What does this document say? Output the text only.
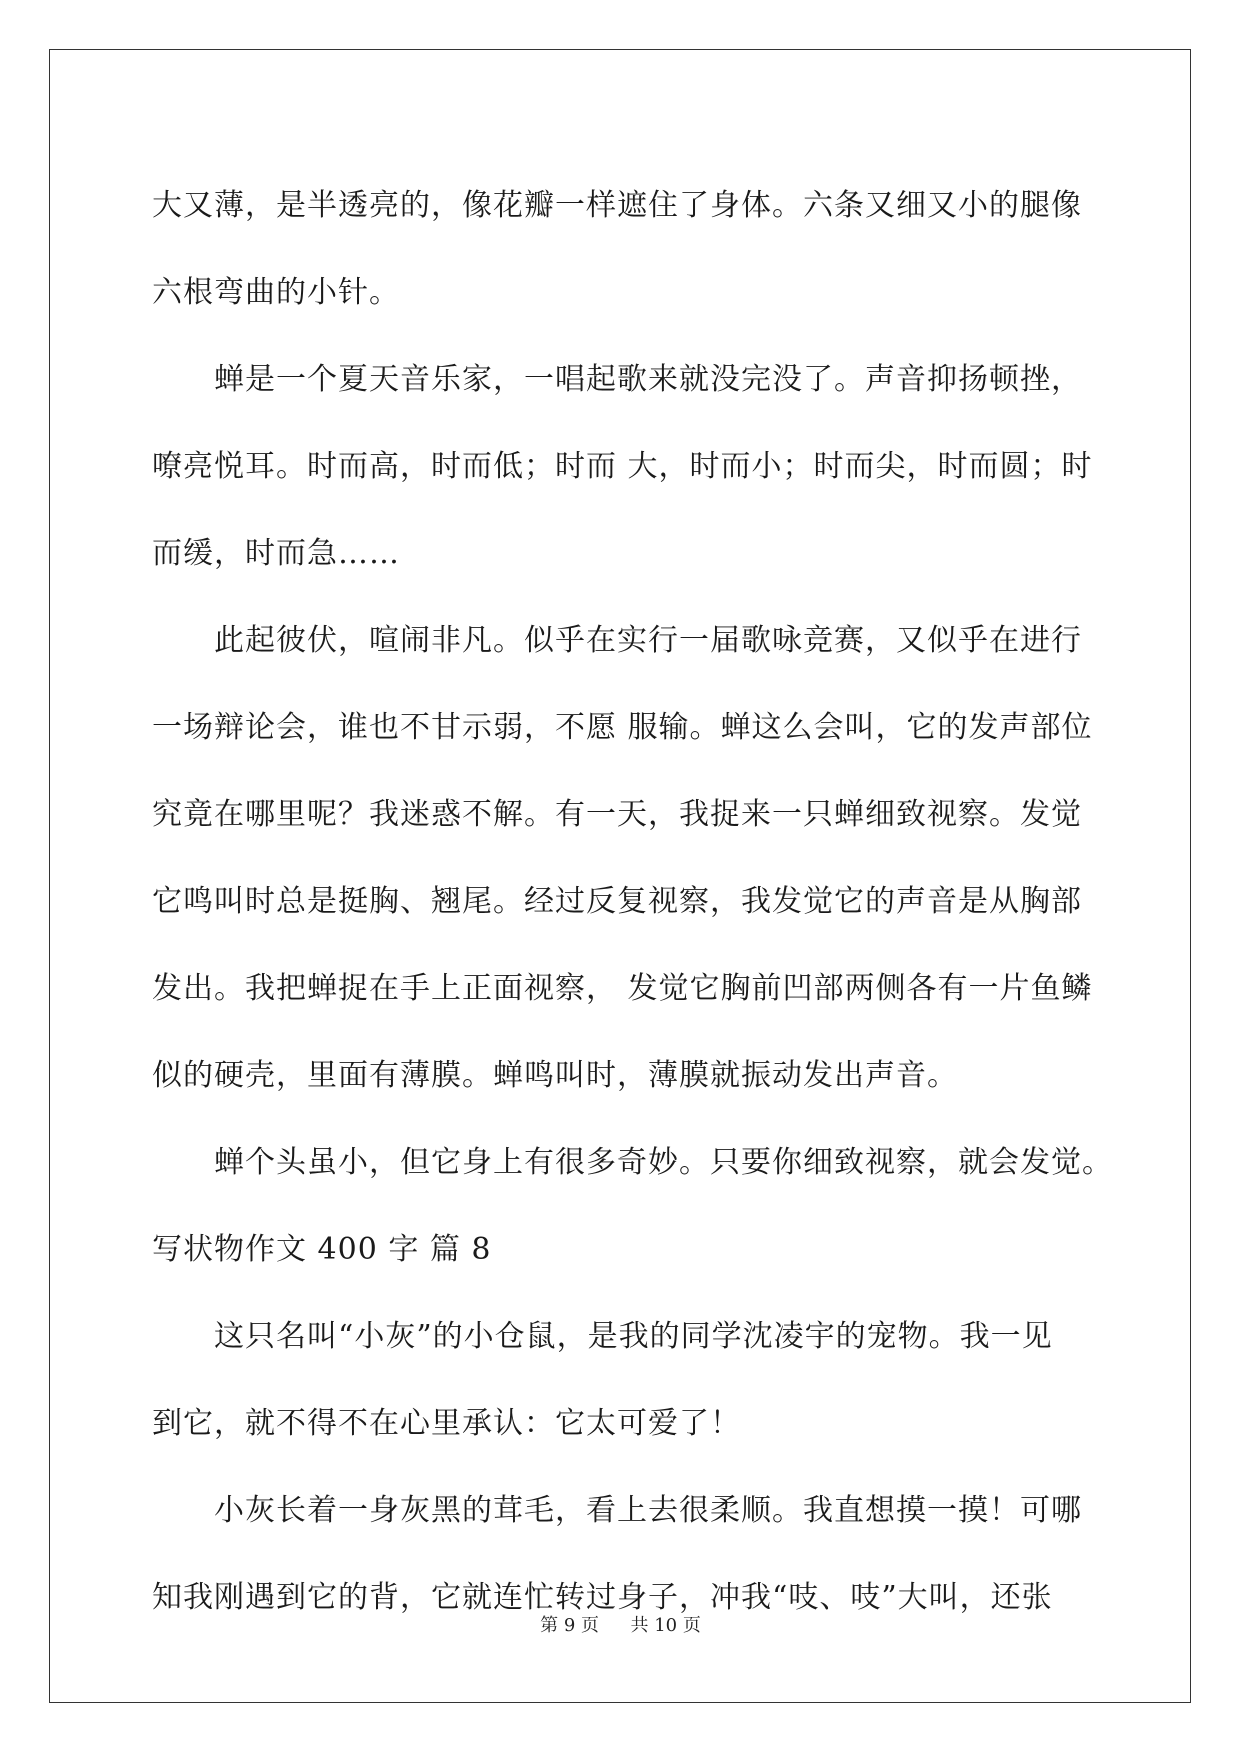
大又薄，是半透亮的，像花瓣一样遮住了身体。六条又细又小的腿像
六根弯曲的小针。
蝉是一个夏天音乐家，一唱起歌来就没完没了。声音抑扬顿挫，
嘹亮悦耳。时而高，时而低；时而 大，时而小；时而尖，时而圆；时
而缓，时而急……
此起彼伏，喧闹非凡。似乎在实行一届歌咏竞赛，又似乎在进行
一场辩论会，谁也不甘示弱，不愿 服输。蝉这么会叫，它的发声部位
究竟在哪里呢？我迷惑不解。有一天，我捉来一只蝉细致视察。发觉
它鸣叫时总是挺胸、翘尾。经过反复视察，我发觉它的声音是从胸部
发出。我把蝉捉在手上正面视察， 发觉它胸前凹部两侧各有一片鱼鳞
似的硬壳，里面有薄膜。蝉鸣叫时，薄膜就振动发出声音。
蝉个头虽小，但它身上有很多奇妙。只要你细致视察，就会发觉。
写状物作文 400 字 篇 8
这只名叫“小灰”的小仓鼠，是我的同学沈凌宇的宠物。我一见
到它，就不得不在心里承认：它太可爱了！
小灰长着一身灰黑的茸毛，看上去很柔顺。我直想摸一摸！可哪
知我刚遇到它的背，它就连忙转过身子，冲我“吱、吱”大叫，还张
第 9 页 共 10 页
